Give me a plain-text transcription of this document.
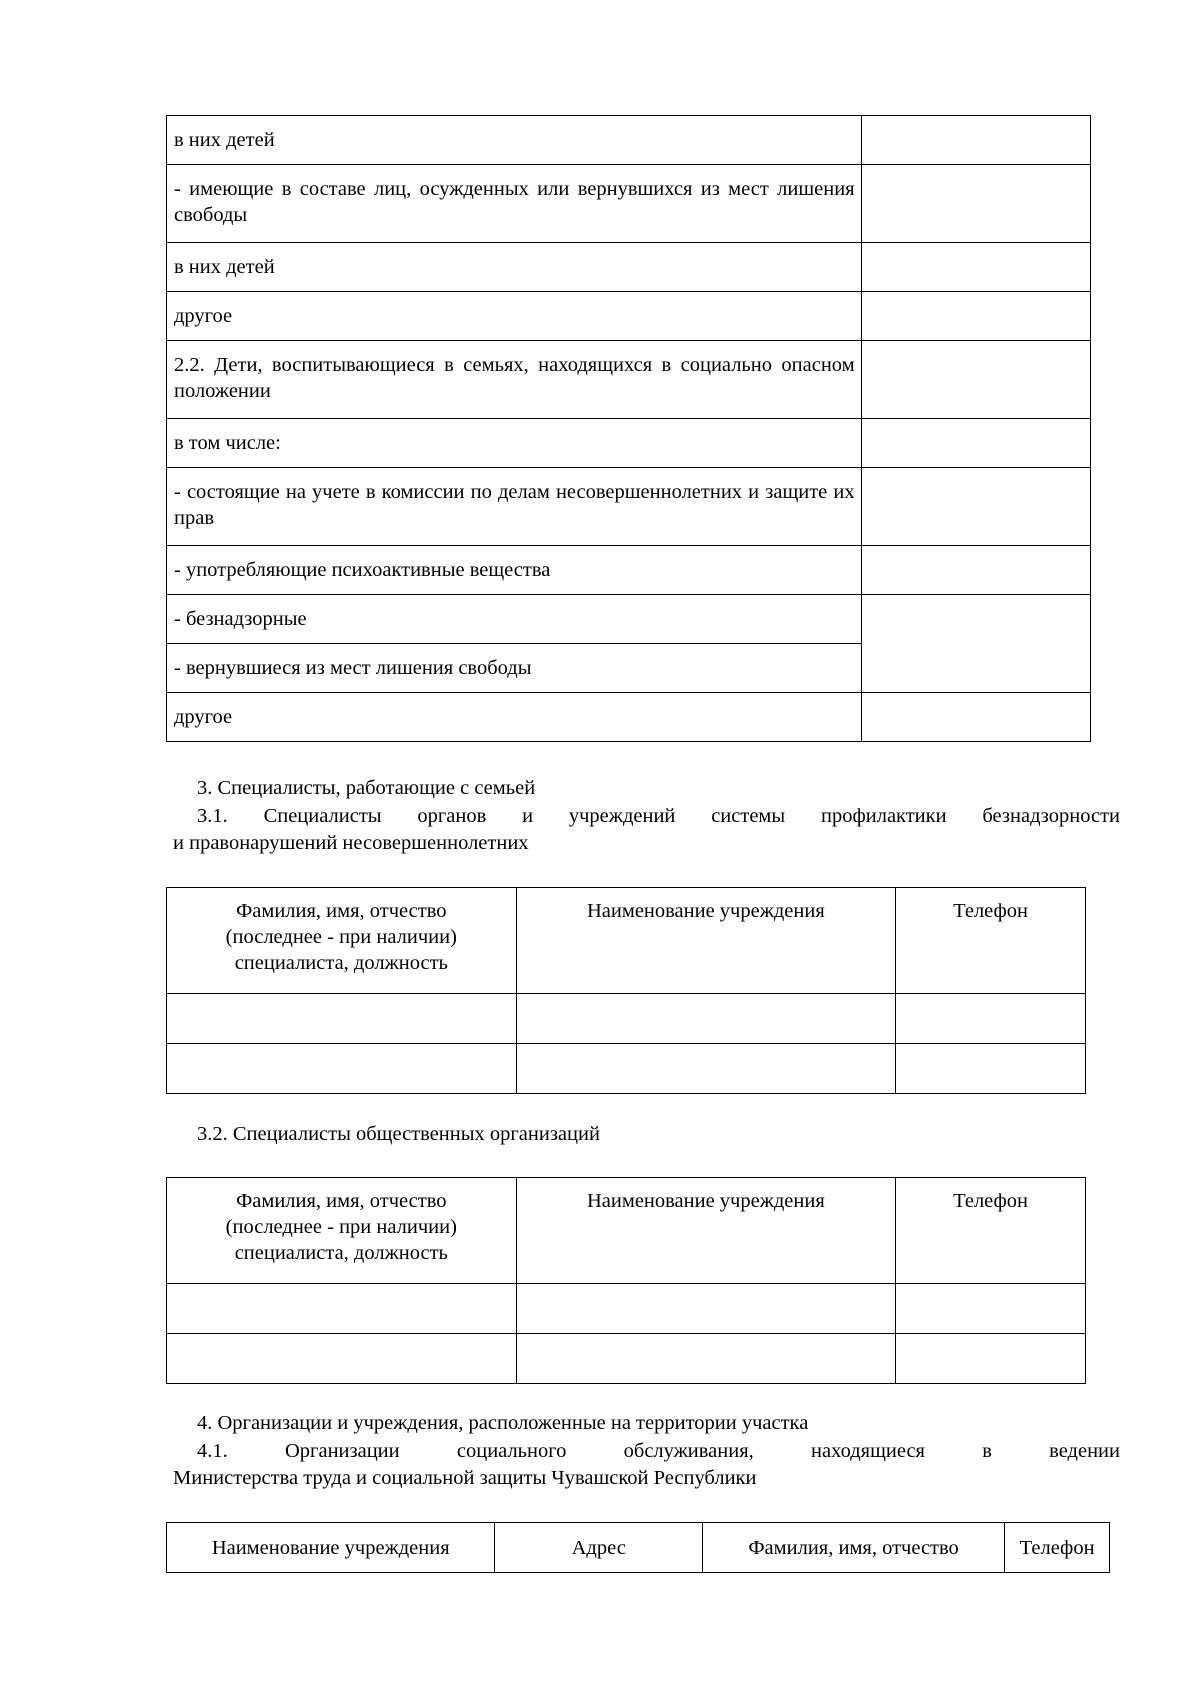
в них детей	
- имеющие в составе лиц, осужденных или вернувшихся из мест лишения свободы	
в них детей	
другое	
2.2. Дети, воспитывающиеся в семьях, находящихся в социально опасном положении	
в том числе:	
- состоящие на учете в комиссии по делам несовершеннолетних и защите их прав	
- употребляющие психоактивные вещества	
- безнадзорные	
- вернувшиеся из мест лишения свободы	
другое	

3. Специалисты, работающие с семьей

3.1. Специалисты органов и учреждений системы профилактики безнадзорности

и правонарушений несовершеннолетних

Фамилия, имя, отчество
(последнее - при наличии)
специалиста, должность	Наименование учреждения	Телефон

3.2. Специалисты общественных организаций

Фамилия, имя, отчество
(последнее - при наличии)
специалиста, должность	Наименование учреждения	Телефон

4. Организации и учреждения, расположенные на территории участка

4.1. Организации социального обслуживания, находящиеся в ведении

Министерства труда и социальной защиты Чувашской Республики

Наименование учреждения	Адрес	Фамилия, имя, отчество	Телефон
